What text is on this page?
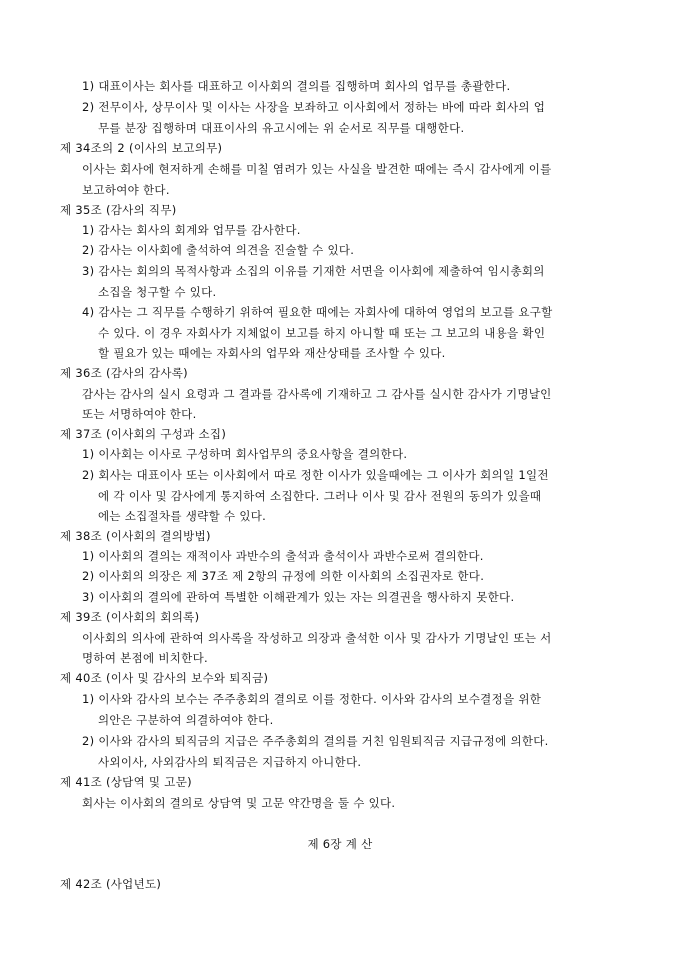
1) 대표이사는 회사를 대표하고 이사회의 결의를 집행하며 회사의 업무를 총괄한다.
2) 전무이사, 상무이사 및 이사는 사장을 보좌하고 이사회에서 정하는 바에 따라 회사의 업
무를 분장 집행하며 대표이사의 유고시에는 위 순서로 직무를 대행한다.
제 34조의 2 (이사의 보고의무)
이사는 회사에 현저하게 손해를 미칠 염려가 있는 사실을 발견한 때에는 즉시 감사에게 이를
보고하여야 한다.
제 35조 (감사의 직무)
1) 감사는 회사의 회계와 업무를 감사한다.
2) 감사는 이사회에 출석하여 의견을 진술할 수 있다.
3) 감사는 회의의 목적사항과 소집의 이유를 기재한 서면을 이사회에 제출하여 임시총회의
소집을 청구할 수 있다.
4) 감사는 그 직무를 수행하기 위하여 필요한 때에는 자회사에 대하여 영업의 보고를 요구할
수 있다. 이 경우 자회사가 지체없이 보고를 하지 아니할 때 또는 그 보고의 내용을 확인
할 필요가 있는 때에는 자회사의 업무와 재산상태를 조사할 수 있다.
제 36조 (감사의 감사록)
감사는 감사의 실시 요령과 그 결과를 감사록에 기재하고 그 감사를 실시한 감사가 기명날인
또는 서명하여야 한다.
제 37조 (이사회의 구성과 소집)
1) 이사회는 이사로 구성하며 회사업무의 중요사항을 결의한다.
2) 회사는 대표이사 또는 이사회에서 따로 정한 이사가 있을때에는 그 이사가 회의일 1일전
에 각 이사 및 감사에게 통지하여 소집한다. 그러나 이사 및 감사 전원의 동의가 있을때
에는 소집절차를 생략할 수 있다.
제 38조 (이사회의 결의방법)
1) 이사회의 결의는 재적이사 과반수의 출석과 출석이사 과반수로써 결의한다.
2) 이사회의 의장은 제 37조 제 2항의 규정에 의한 이사회의 소집권자로 한다.
3) 이사회의 결의에 관하여 특별한 이해관계가 있는 자는 의결권을 행사하지 못한다.
제 39조 (이사회의 회의록)
이사회의 의사에 관하여 의사록을 작성하고 의장과 출석한 이사 및 감사가 기명날인 또는 서
명하여 본점에 비치한다.
제 40조 (이사 및 감사의 보수와 퇴직금)
1) 이사와 감사의 보수는 주주총회의 결의로 이를 정한다. 이사와 감사의 보수결정을 위한
의안은 구분하여 의결하여야 한다.
2) 이사와 감사의 퇴직금의 지급은 주주총회의 결의를 거친 임원퇴직금 지급규정에 의한다.
사외이사, 사외감사의 퇴직금은 지급하지 아니한다.
제 41조 (상담역 및 고문)
회사는 이사회의 결의로 상담역 및 고문 약간명을 둘 수 있다.
제 6장 계 산
제 42조 (사업년도)
